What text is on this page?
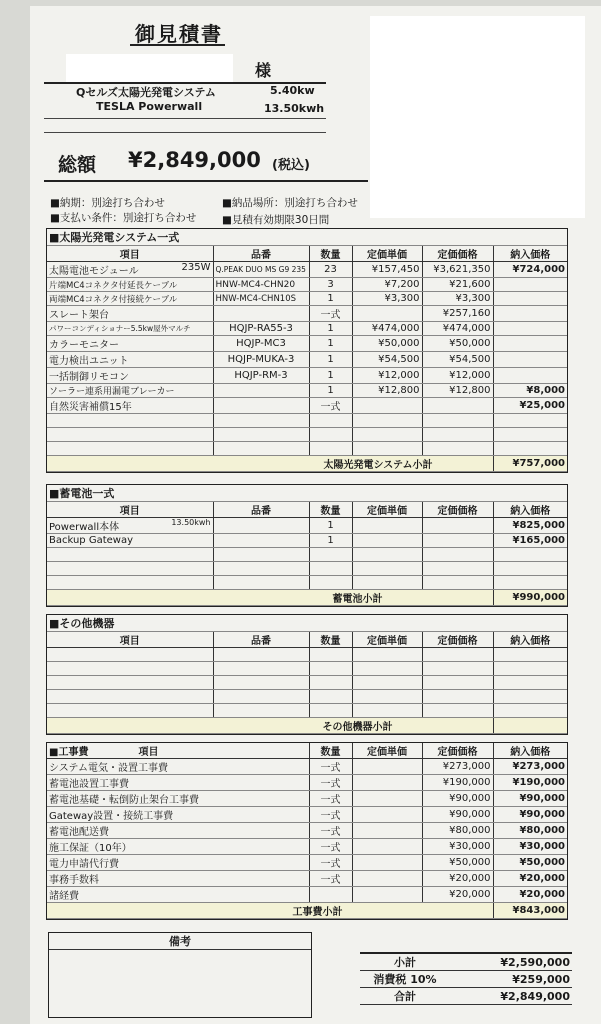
御見積書
様
Qセルズ太陽光発電システム	5.40kw
TESLA Powerwall	13.50kwh
総額 ¥2,849,000 (税込)
■納期：別途打ち合わせ	■納品場所：別途打ち合わせ
■支払い条件：別途打ち合わせ ■見積有効期限30日間
■太陽光発電システム一式					
項目	品番	数量	定価単価	定価価格	納入価格
太陽電池モジュール 235W	Q.PEAK DUO MS G9 235	23	¥157,450	¥3,621,350	¥724,000
片端MC4コネクタ付延長ケーブル	HNW-MC4-CHN20	3	¥7,200	¥21,600	
両端MC4コネクタ付接続ケーブル	HNW-MC4-CHN10S	1	¥3,300	¥3,300	
スレート架台		一式		¥257,160	
パワーコンディショナー5.5kw屋外マルチ	HQJP-RA55-3	1	¥474,000	¥474,000	
カラーモニター	HQJP-MC3	1	¥50,000	¥50,000	
電力検出ユニット	HQJP-MUKA-3	1	¥54,500	¥54,500	
一括制御リモコン	HQJP-RM-3	1	¥12,000	¥12,000	
ソーラー連系用漏電ブレーカー		1	¥12,800	¥12,800	¥8,000
自然災害補償15年		一式			¥25,000

太陽光発電システム小計					¥757,000
■蓄電池一式					
項目	品番	数量	定価単価	定価価格	納入価格
Powerwall本体 13.50kwh		1			¥825,000
Backup Gateway		1			¥165,000

蓄電池小計					¥990,000
■その他機器					
項目	品番	数量	定価単価	定価価格	納入価格

その他機器小計					
■工事費 項目	数量	定価単価	定価価格	納入価格
システム電気・設置工事費	一式		¥273,000	¥273,000
蓄電池設置工事費	一式		¥190,000	¥190,000
蓄電池基礎・転倒防止架台工事費	一式		¥90,000	¥90,000
Gateway設置・接続工事費	一式		¥90,000	¥90,000
蓄電池配送費	一式		¥80,000	¥80,000
施工保証（10年）	一式		¥30,000	¥30,000
電力申請代行費	一式		¥50,000	¥50,000
事務手数料	一式		¥20,000	¥20,000
諸経費			¥20,000	¥20,000
工事費小計				¥843,000
備考
小計	¥2,590,000
消費税 10%	¥259,000
合計	¥2,849,000
